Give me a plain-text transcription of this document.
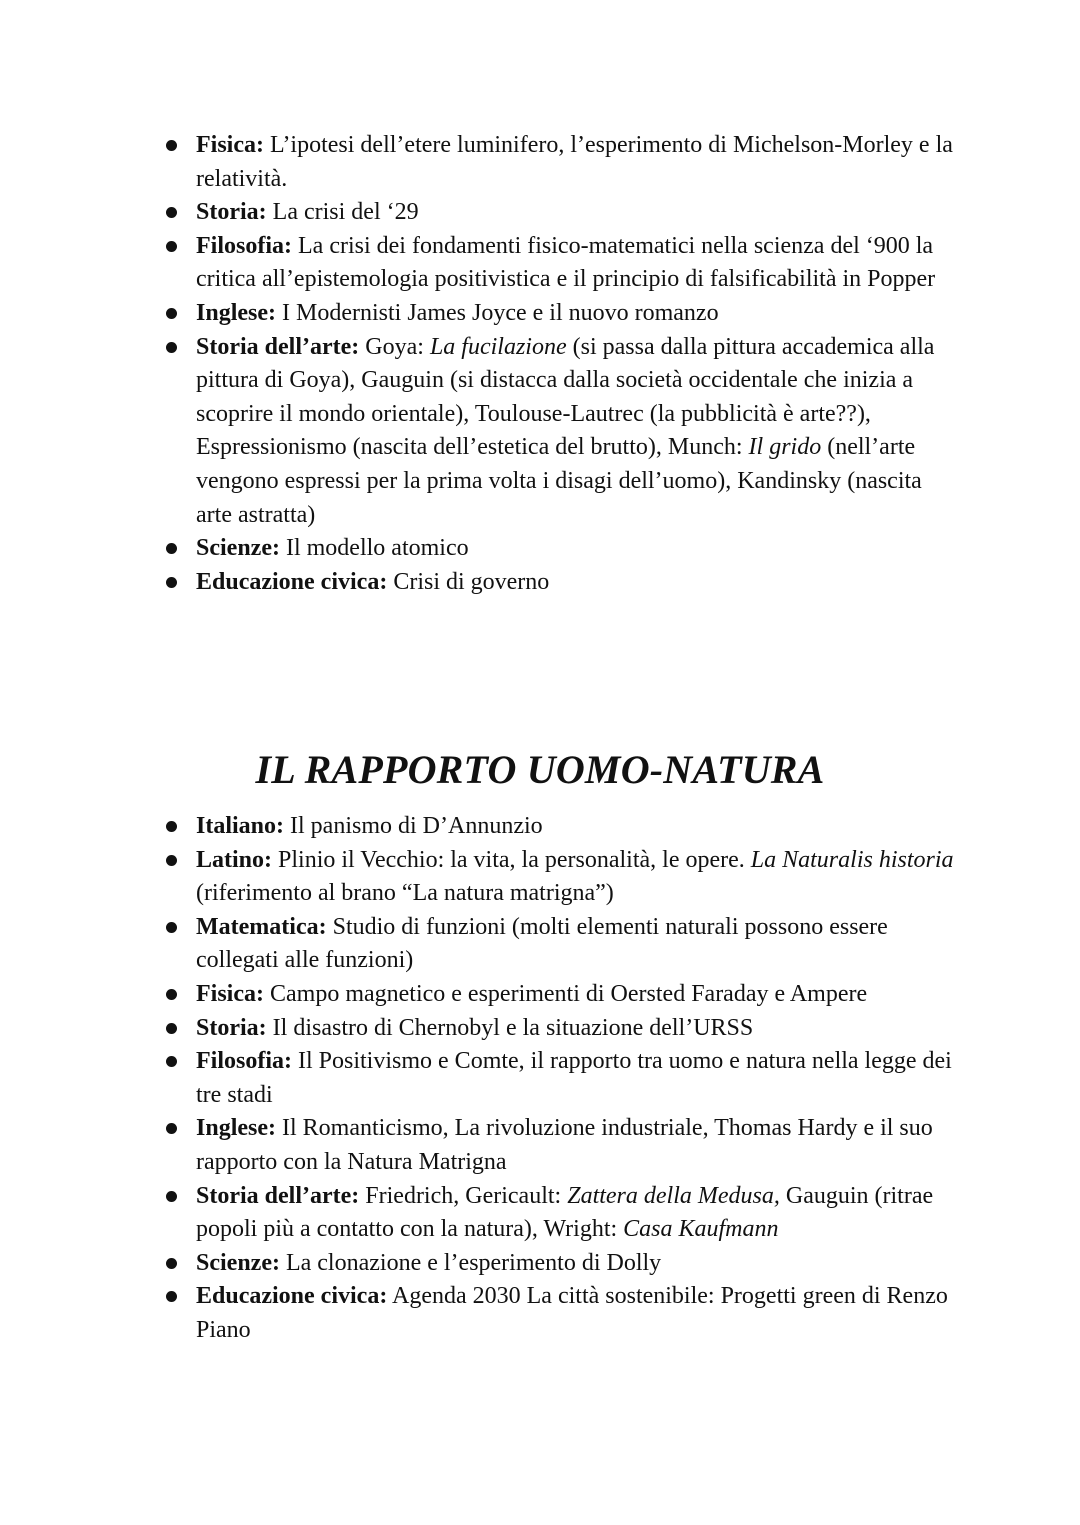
Fisica: L’ipotesi dell’etere luminifero, l’esperimento di Michelson-Morley e la relatività.
Storia: La crisi del ‘29
Filosofia: La crisi dei fondamenti fisico-matematici nella scienza del ‘900 la critica all’epistemologia positivistica e il principio di falsificabilità in Popper
Inglese: I Modernisti James Joyce e il nuovo romanzo
Storia dell’arte: Goya: La fucilazione (si passa dalla pittura accademica alla pittura di Goya), Gauguin (si distacca dalla società occidentale che inizia a scoprire il mondo orientale), Toulouse-Lautrec (la pubblicità è arte??), Espressionismo (nascita dell’estetica del brutto), Munch: Il grido (nell’arte vengono espressi per la prima volta i disagi dell’uomo), Kandinsky (nascita arte astratta)
Scienze: Il modello atomico
Educazione civica: Crisi di governo
IL RAPPORTO UOMO-NATURA
Italiano: Il panismo di D’Annunzio
Latino: Plinio il Vecchio: la vita, la personalità, le opere. La Naturalis historia (riferimento al brano “La natura matrigna”)
Matematica: Studio di funzioni (molti elementi naturali possono essere collegati alle funzioni)
Fisica: Campo magnetico e esperimenti di Oersted Faraday e Ampere
Storia: Il disastro di Chernobyl e la situazione dell’URSS
Filosofia: Il Positivismo e Comte, il rapporto tra uomo e natura nella legge dei tre stadi
Inglese: Il Romanticismo, La rivoluzione industriale, Thomas Hardy e il suo rapporto con la Natura Matrigna
Storia dell’arte: Friedrich, Gericault: Zattera della Medusa, Gauguin (ritrae popoli più a contatto con la natura), Wright: Casa Kaufmann
Scienze: La clonazione e l’esperimento di Dolly
Educazione civica: Agenda 2030 La città sostenibile: Progetti green di Renzo Piano
